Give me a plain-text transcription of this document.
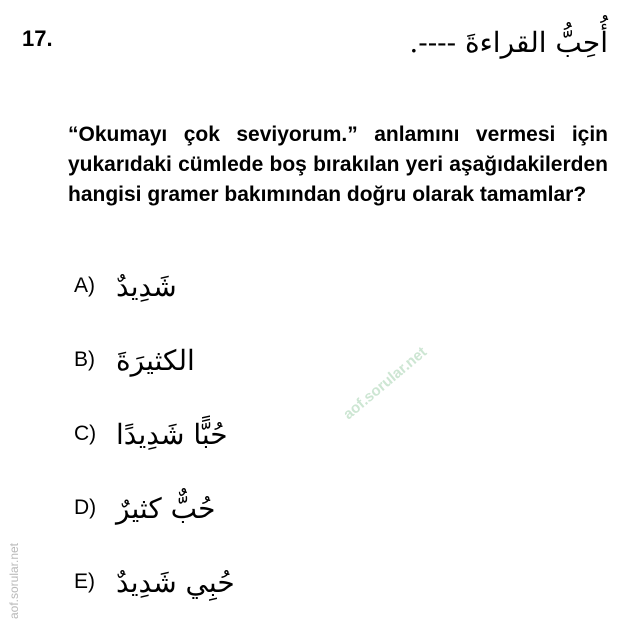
17.	أُحِبُّ القراءةَ ----.
“Okumayı çok seviyorum.” anlamını vermesi için yukarıdaki cümlede boş bırakılan yeri aşağıdakilerden hangisi gramer bakımından doğru olarak tamamlar?
A) شَدِيدٌ
B) الكثيرَةَ
C) حُبًّا شَدِيدًا
D) حُبٌّ كثيرٌ
E) حُبِي شَدِيدٌ
aof.sorular.net
aof.sorular.net
